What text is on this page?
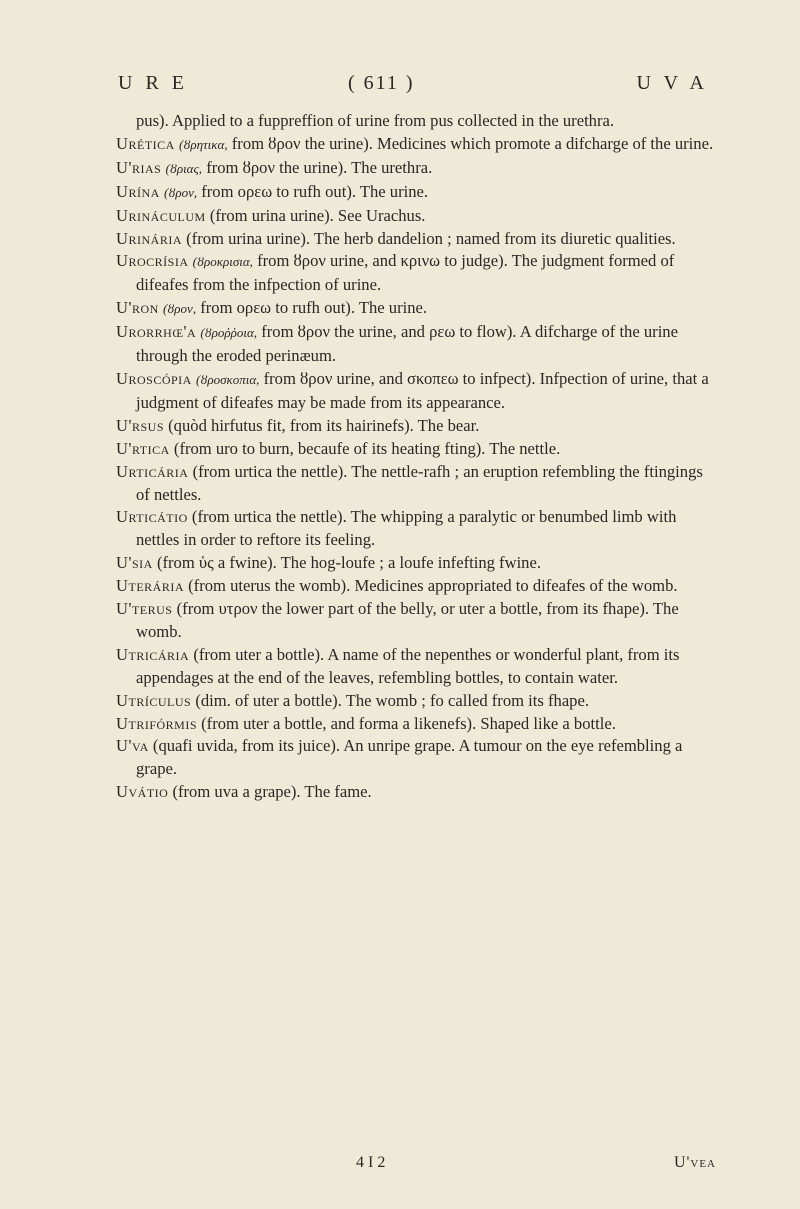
U R E	( 611 )	U V A

pus). Applied to a fuppreffion of urine from pus collected in the urethra.

Urética (ȣρητικα, from ȣρον the urine). Medicines which promote a difcharge of the urine.

U'rias (ȣριας, from ȣρον the urine). The urethra.

Urína (ȣρον, from ορεω to rufh out). The urine.

Urináculum (from urina urine). See Urachus.

Urinária (from urina urine). The herb dandelion ; named from its diuretic qualities.

Urocrísia (ȣροκρισια, from ȣρον urine, and κρινω to judge). The judgment formed of difeafes from the infpection of urine.

U'ron (ȣρον, from ορεω to rufh out). The urine.

Urorrhœ'a (ȣροῤῥοια, from ȣρον the urine, and ρεω to flow). A difcharge of the urine through the eroded perinæum.

Uroscópia (ȣροσκοπια, from ȣρον urine, and σκοπεω to infpect). Infpection of urine, that a judgment of difeafes may be made from its appearance.

U'rsus (quòd hirfutus fit, from its hairinefs). The bear.

U'rtica (from uro to burn, becaufe of its heating fting). The nettle.

Urticária (from urtica the nettle). The nettle-rafh ; an eruption refembling the ftingings of nettles.

Urticátio (from urtica the nettle). The whipping a paralytic or benumbed limb with nettles in order to reftore its feeling.

U'sia (from ὑς a fwine). The hog-loufe ; a loufe infefting fwine.

Uterária (from uterus the womb). Medicines appropriated to difeafes of the womb.

U'terus (from υτρον the lower part of the belly, or uter a bottle, from its fhape). The womb.

Utricária (from uter a bottle). A name of the nepenthes or wonderful plant, from its appendages at the end of the leaves, refembling bottles, to contain water.

Utrículus (dim. of uter a bottle). The womb ; fo called from its fhape.

Utrifórmis (from uter a bottle, and forma a likenefs). Shaped like a bottle.

U'va (quafi uvida, from its juice). An unripe grape. A tumour on the eye refembling a grape.

Uvátio (from uva a grape). The fame.

4 I 2	U'vea
